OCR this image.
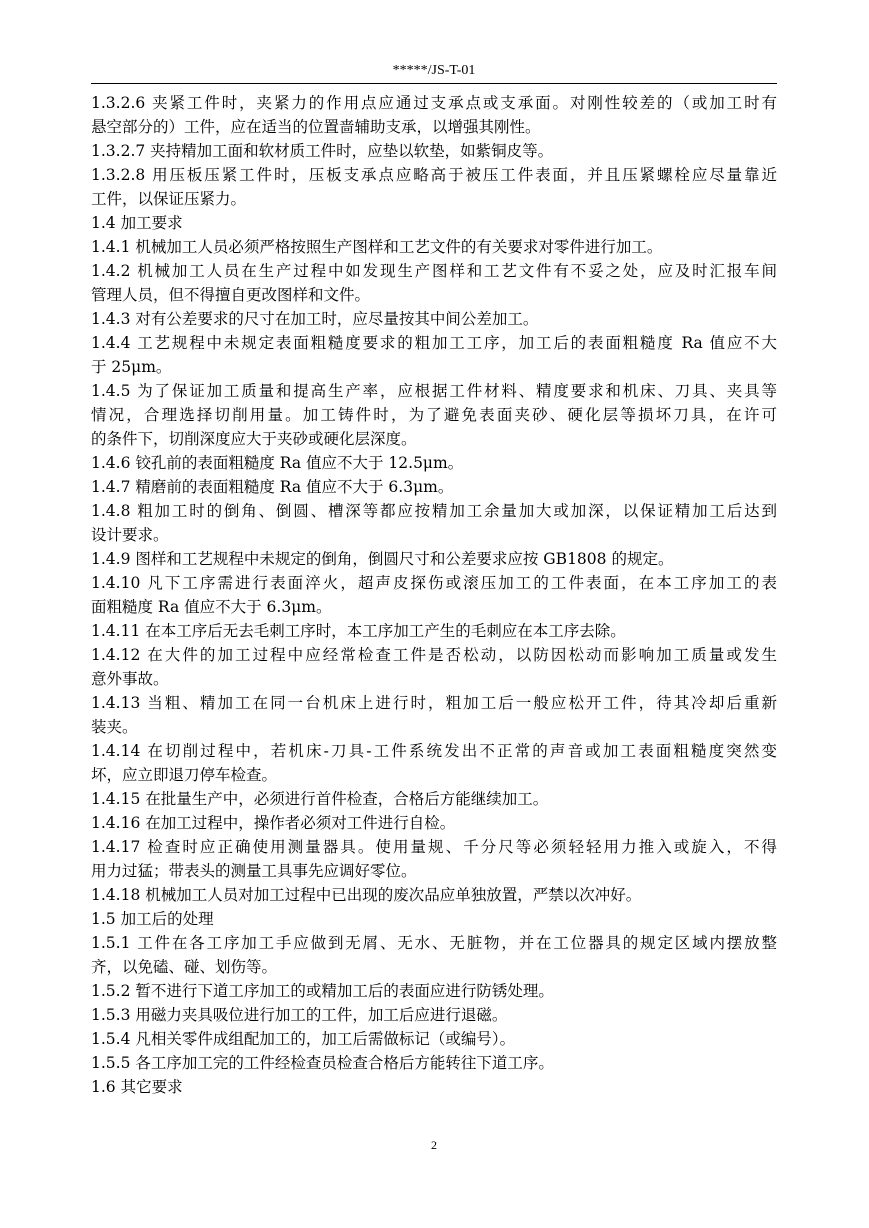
*****/JS-T-01
1.3.2.6 夹紧工件时，夹紧力的作用点应通过支承点或支承面。对刚性较差的（或加工时有
悬空部分的）工件，应在适当的位置啬辅助支承，以增强其刚性。
1.3.2.7 夹持精加工面和软材质工件时，应垫以软垫，如紫铜皮等。
1.3.2.8 用压板压紧工件时，压板支承点应略高于被压工件表面，并且压紧螺栓应尽量靠近
工件，以保证压紧力。
1.4 加工要求
1.4.1 机械加工人员必须严格按照生产图样和工艺文件的有关要求对零件进行加工。
1.4.2 机械加工人员在生产过程中如发现生产图样和工艺文件有不妥之处，应及时汇报车间
管理人员，但不得擅自更改图样和文件。
1.4.3 对有公差要求的尺寸在加工时，应尽量按其中间公差加工。
1.4.4 工艺规程中未规定表面粗糙度要求的粗加工工序，加工后的表面粗糙度 Ra 值应不大
于 25μm。
1.4.5 为了保证加工质量和提高生产率，应根据工件材料、精度要求和机床、刀具、夹具等
情况，合理选择切削用量。加工铸件时，为了避免表面夹砂、硬化层等损坏刀具，在许可
的条件下，切削深度应大于夹砂或硬化层深度。
1.4.6 铰孔前的表面粗糙度 Ra 值应不大于 12.5μm。
1.4.7 精磨前的表面粗糙度 Ra 值应不大于 6.3μm。
1.4.8 粗加工时的倒角、倒圆、槽深等都应按精加工余量加大或加深，以保证精加工后达到
设计要求。
1.4.9 图样和工艺规程中未规定的倒角，倒圆尺寸和公差要求应按 GB1808 的规定。
1.4.10 凡下工序需进行表面淬火，超声皮探伤或滚压加工的工件表面，在本工序加工的表
面粗糙度 Ra 值应不大于 6.3μm。
1.4.11 在本工序后无去毛刺工序时，本工序加工产生的毛刺应在本工序去除。
1.4.12 在大件的加工过程中应经常检查工件是否松动，以防因松动而影响加工质量或发生
意外事故。
1.4.13 当粗、精加工在同一台机床上进行时，粗加工后一般应松开工件，待其冷却后重新
装夹。
1.4.14 在切削过程中，若机床-刀具-工件系统发出不正常的声音或加工表面粗糙度突然变
坏，应立即退刀停车检查。
1.4.15 在批量生产中，必须进行首件检查，合格后方能继续加工。
1.4.16 在加工过程中，操作者必须对工件进行自检。
1.4.17 检查时应正确使用测量器具。使用量规、千分尺等必须轻轻用力推入或旋入，不得
用力过猛；带表头的测量工具事先应调好零位。
1.4.18 机械加工人员对加工过程中已出现的废次品应单独放置，严禁以次冲好。
1.5 加工后的处理
1.5.1 工件在各工序加工手应做到无屑、无水、无脏物，并在工位器具的规定区域内摆放整
齐，以免磕、碰、划伤等。
1.5.2 暂不进行下道工序加工的或精加工后的表面应进行防锈处理。
1.5.3 用磁力夹具吸位进行加工的工件，加工后应进行退磁。
1.5.4 凡相关零件成组配加工的，加工后需做标记（或编号）。
1.5.5 各工序加工完的工件经检查员检查合格后方能转往下道工序。
1.6 其它要求
2
